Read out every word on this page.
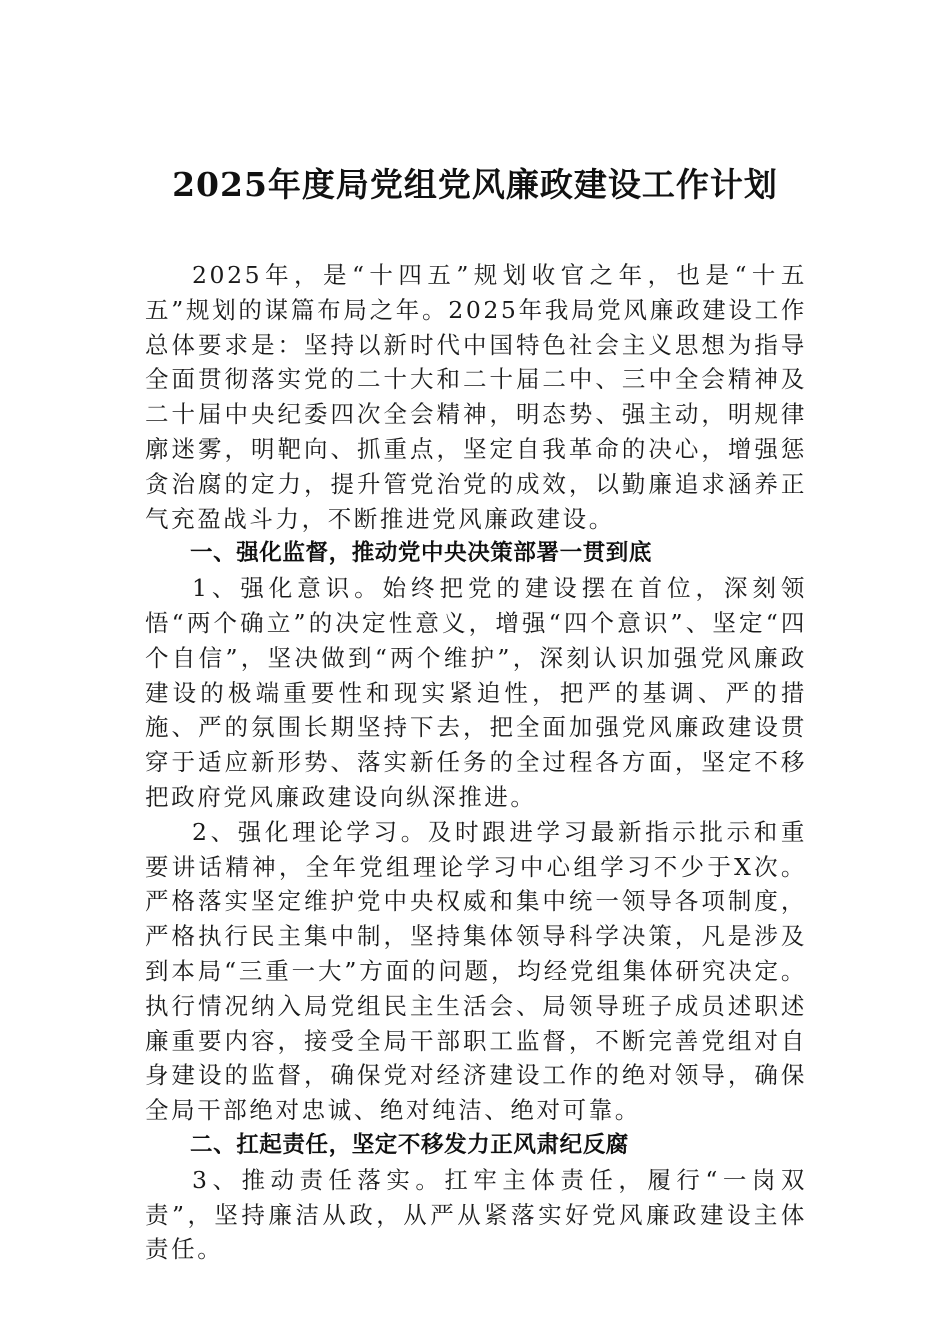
2025年度局党组党风廉政建设工作计划

2025年，是“十四五”规划收官之年，也是“十五五”规划的谋篇布局之年。2025年我局党风廉政建设工作总体要求是：坚持以新时代中国特色社会主义思想为指导全面贯彻落实党的二十大和二十届二中、三中全会精神及二十届中央纪委四次全会精神，明态势、强主动，明规律廓迷雾，明靶向、抓重点，坚定自我革命的决心，增强惩贪治腐的定力，提升管党治党的成效，以勤廉追求涵养正气充盈战斗力，不断推进党风廉政建设。

一、强化监督，推动党中央决策部署一贯到底

1、强化意识。始终把党的建设摆在首位，深刻领悟“两个确立”的决定性意义，增强“四个意识”、坚定“四个自信”，坚决做到“两个维护”，深刻认识加强党风廉政建设的极端重要性和现实紧迫性，把严的基调、严的措施、严的氛围长期坚持下去，把全面加强党风廉政建设贯穿于适应新形势、落实新任务的全过程各方面，坚定不移把政府党风廉政建设向纵深推进。

2、强化理论学习。及时跟进学习最新指示批示和重要讲话精神，全年党组理论学习中心组学习不少于X次。严格落实坚定维护党中央权威和集中统一领导各项制度，严格执行民主集中制，坚持集体领导科学决策，凡是涉及到本局“三重一大”方面的问题，均经党组集体研究决定。执行情况纳入局党组民主生活会、局领导班子成员述职述廉重要内容，接受全局干部职工监督，不断完善党组对自身建设的监督，确保党对经济建设工作的绝对领导，确保全局干部绝对忠诚、绝对纯洁、绝对可靠。

二、扛起责任，坚定不移发力正风肃纪反腐

3、推动责任落实。扛牢主体责任，履行“一岗双责”，坚持廉洁从政，从严从紧落实好党风廉政建设主体责任。
